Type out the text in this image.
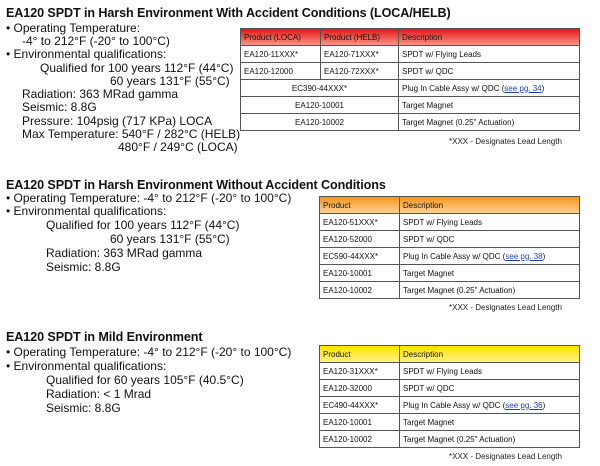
EA120 SPDT in Harsh Environment With Accident Conditions (LOCA/HELB)
• Operating Temperature:
-4° to 212°F (-20° to 100°C)
• Environmental qualifications:
Qualified for 100 years 112°F (44°C)
60 years 131°F (55°C)
Radiation: 363 MRad gamma
Seismic: 8.8G
Pressure: 104psig (717 KPa) LOCA
Max Temperature: 540°F / 282°C (HELB)
480°F / 249°C (LOCA)
Product (LOCA)	Product (HELB)	Description
EA120-11XXX*	EA120-71XXX*	SPDT w/ Flying Leads
EA120-12000	EA120-72XXX*	SPDT w/ QDC
EC390-44XXX*		Plug In Cable Assy w/ QDC (see pg. 34)
EA120-10001		Target Magnet
EA120-10002		Target Magnet (0.25" Actuation)
*XXX - Designates Lead Length
EA120 SPDT in Harsh Environment Without Accident Conditions
• Operating Temperature: -4° to 212°F (-20° to 100°C)
• Environmental qualifications:
Qualified for 100 years 112°F (44°C)
60 years 131°F (55°C)
Radiation: 363 MRad gamma
Seismic: 8.8G
Product	Description
EA120-51XXX*	SPDT w/ Flying Leads
EA120-52000	SPDT w/ QDC
EC590-44XXX*	Plug In Cable Assy w/ QDC (see pg. 38)
EA120-10001	Target Magnet
EA120-10002	Target Magnet (0.25" Actuation)
*XXX - Designates Lead Length
EA120 SPDT in Mild Environment
• Operating Temperature: -4° to 212°F (-20° to 100°C)
• Environmental qualifications:
Qualified for 60 years 105°F (40.5°C)
Radiation: < 1 Mrad
Seismic: 8.8G
Product	Description
EA120-31XXX*	SPDT w/ Flying Leads
EA120-32000	SPDT w/ QDC
EC490-44XXX*	Plug In Cable Assy w/ QDC (see pg. 36)
EA120-10001	Target Magnet
EA120-10002	Target Magnet (0.25" Actuation)
*XXX - Designates Lead Length
